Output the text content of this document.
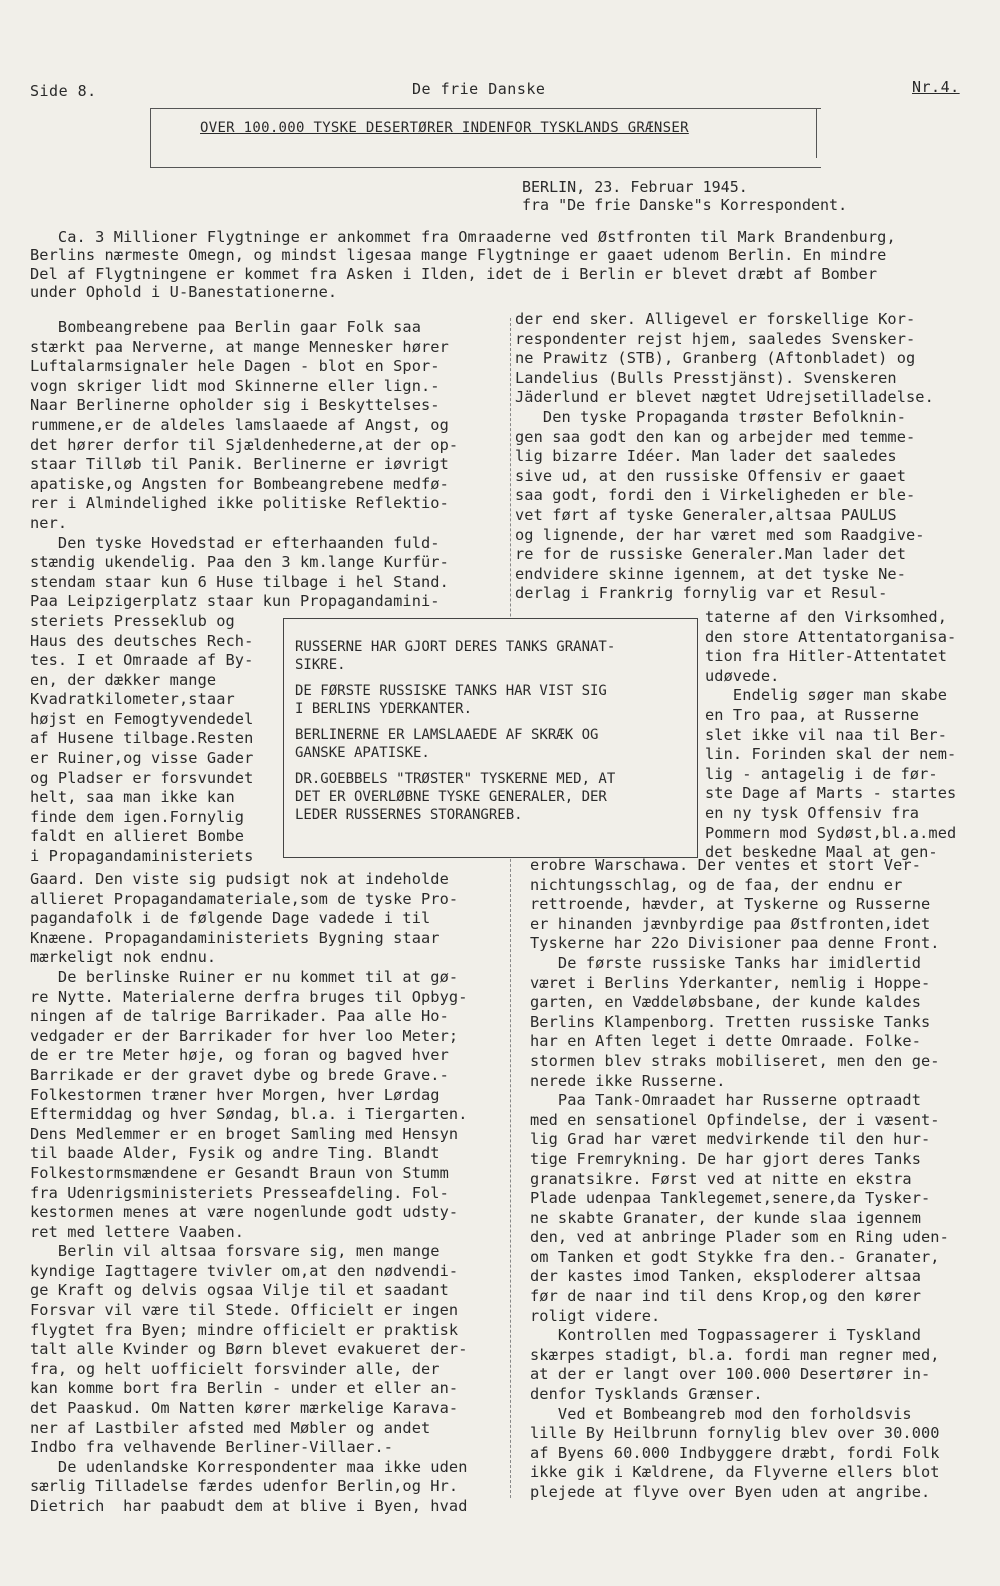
Side 8.	De frie Danske	Nr.4.
OVER 100.000 TYSKE DESERTØRER INDENFOR TYSKLANDS GRÆNSER
BERLIN, 23. Februar 1945.
fra "De frie Danske"s Korrespondent.
Ca. 3 Millioner Flygtninge er ankommet fra Omraaderne ved Østfronten til Mark Brandenburg,
Berlins nærmeste Omegn, og mindst ligesaa mange Flygtninge er gaaet udenom Berlin. En mindre
Del af Flygtningene er kommet fra Asken i Ilden, idet de i Berlin er blevet dræbt af Bomber
under Ophold i U-Banestationerne.
Bombeangrebene paa Berlin gaar Folk saa
stærkt paa Nerverne, at mange Mennesker hører
Luftalarmsignaler hele Dagen - blot en Spor-
vogn skriger lidt mod Skinnerne eller lign.-
Naar Berlinerne opholder sig i Beskyttelses-
rummene,er de aldeles lamslaaede af Angst, og
det hører derfor til Sjældenhederne,at der op-
staar Tilløb til Panik. Berlinerne er iøvrigt
apatiske,og Angsten for Bombeangrebene medfø-
rer i Almindelighed ikke politiske Reflektio-
ner.
Den tyske Hovedstad er efterhaanden fuld-
stændig ukendelig. Paa den 3 km.lange Kurfür-
stendam staar kun 6 Huse tilbage i hel Stand.
Paa Leipzigerplatz staar kun Propagandamini-
steriets Presseklub og
Haus des deutsches Rech-
tes. I et Omraade af By-
en, der dækker mange
Kvadratkilometer,staar
højst en Femogtyvendedel
af Husene tilbage.Resten
er Ruiner,og visse Gader
og Pladser er forsvundet
helt, saa man ikke kan
finde dem igen.Fornylig
faldt en allieret Bombe
i Propagandaministeriets
der end sker. Alligevel er forskellige Kor-
respondenter rejst hjem, saaledes Svensker-
ne Prawitz (STB), Granberg (Aftonbladet) og
Landelius (Bulls Presstjänst). Svenskeren
Jäderlund er blevet nægtet Udrejsetilladelse.
Den tyske Propaganda trøster Befolknin-
gen saa godt den kan og arbejder med temme-
lig bizarre Idéer. Man lader det saaledes
sive ud, at den russiske Offensiv er gaaet
saa godt, fordi den i Virkeligheden er ble-
vet ført af tyske Generaler,altsaa PAULUS
og lignende, der har været med som Raadgive-
re for de russiske Generaler.Man lader det
endvidere skinne igennem, at det tyske Ne-
derlag i Frankrig fornylig var et Resul-
taterne af den Virksomhed,
den store Attentatorganisa-
tion fra Hitler-Attentatet
udøvede.
Endelig søger man skabe
en Tro paa, at Russerne
slet ikke vil naa til Ber-
lin. Forinden skal der nem-
lig - antagelig i de før-
ste Dage af Marts - startes
en ny tysk Offensiv fra
Pommern mod Sydøst,bl.a.med
det beskedne Maal at gen-

RUSSERNE HAR GJORT DERES TANKS GRANAT-
SIKRE.

DE FØRSTE RUSSISKE TANKS HAR VIST SIG
I BERLINS YDERKANTER.

BERLINERNE ER LAMSLAAEDE AF SKRÆK OG
GANSKE APATISKE.

DR.GOEBBELS "TRØSTER" TYSKERNE MED, AT
DET ER OVERLØBNE TYSKE GENERALER, DER
LEDER RUSSERNES STORANGREB.

Gaard. Den viste sig pudsigt nok at indeholde
allieret Propagandamateriale,som de tyske Pro-
pagandafolk i de følgende Dage vadede i til
Knæene. Propagandaministeriets Bygning staar
mærkeligt nok endnu.
De berlinske Ruiner er nu kommet til at gø-
re Nytte. Materialerne derfra bruges til Opbyg-
ningen af de talrige Barrikader. Paa alle Ho-
vedgader er der Barrikader for hver loo Meter;
de er tre Meter høje, og foran og bagved hver
Barrikade er der gravet dybe og brede Grave.-
Folkestormen træner hver Morgen, hver Lørdag
Eftermiddag og hver Søndag, bl.a. i Tiergarten.
Dens Medlemmer er en broget Samling med Hensyn
til baade Alder, Fysik og andre Ting. Blandt
Folkestormsmændene er Gesandt Braun von Stumm
fra Udenrigsministeriets Presseafdeling. Fol-
kestormen menes at være nogenlunde godt udsty-
ret med lettere Vaaben.
Berlin vil altsaa forsvare sig, men mange
kyndige Iagttagere tvivler om,at den nødvendi-
ge Kraft og delvis ogsaa Vilje til et saadant
Forsvar vil være til Stede. Officielt er ingen
flygtet fra Byen; mindre officielt er praktisk
talt alle Kvinder og Børn blevet evakueret der-
fra, og helt uofficielt forsvinder alle, der
kan komme bort fra Berlin - under et eller an-
det Paaskud. Om Natten kører mærkelige Karava-
ner af Lastbiler afsted med Møbler og andet
Indbo fra velhavende Berliner-Villaer.-
De udenlandske Korrespondenter maa ikke uden
særlig Tilladelse færdes udenfor Berlin,og Hr.
Dietrich  har paabudt dem at blive i Byen, hvad
erobre Warschawa. Der ventes et stort Ver-
nichtungsschlag, og de faa, der endnu er
rettroende, hævder, at Tyskerne og Russerne
er hinanden jævnbyrdige paa Østfronten,idet
Tyskerne har 22o Divisioner paa denne Front.
De første russiske Tanks har imidlertid
været i Berlins Yderkanter, nemlig i Hoppe-
garten, en Væddeløbsbane, der kunde kaldes
Berlins Klampenborg. Tretten russiske Tanks
har en Aften leget i dette Omraade. Folke-
stormen blev straks mobiliseret, men den ge-
nerede ikke Russerne.
Paa Tank-Omraadet har Russerne optraadt
med en sensationel Opfindelse, der i væsent-
lig Grad har været medvirkende til den hur-
tige Fremrykning. De har gjort deres Tanks
granatsikre. Først ved at nitte en ekstra
Plade udenpaa Tanklegemet,senere,da Tysker-
ne skabte Granater, der kunde slaa igennem
den, ved at anbringe Plader som en Ring uden-
om Tanken et godt Stykke fra den.- Granater,
der kastes imod Tanken, eksploderer altsaa
før de naar ind til dens Krop,og den kører
roligt videre.
Kontrollen med Togpassagerer i Tyskland
skærpes stadigt, bl.a. fordi man regner med,
at der er langt over 100.000 Desertører in-
denfor Tysklands Grænser.
Ved et Bombeangreb mod den forholdsvis
lille By Heilbrunn fornylig blev over 30.000
af Byens 60.000 Indbyggere dræbt, fordi Folk
ikke gik i Kældrene, da Flyverne ellers blot
plejede at flyve over Byen uden at angribe.
